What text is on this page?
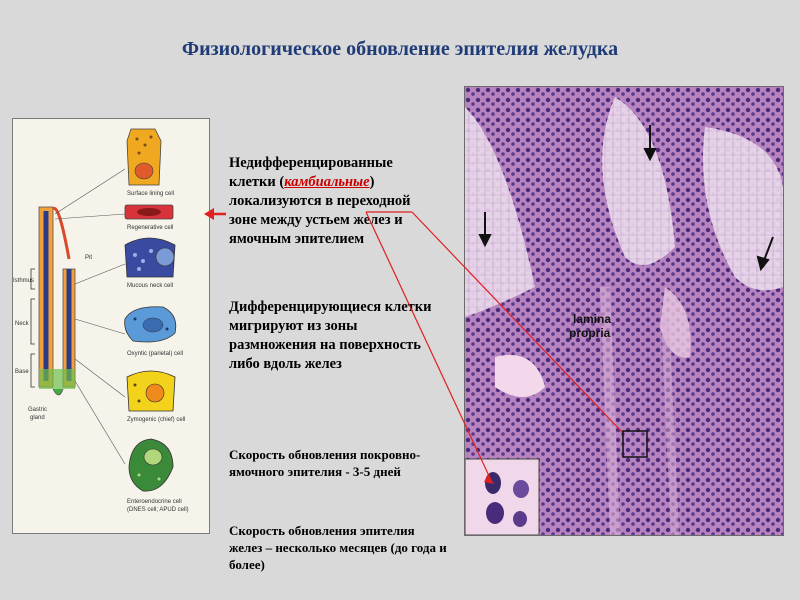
Физиологическое обновление эпителия желудка
Isthmus
Neck
Base
Pit
Gastric
gland
Surface lining cell
Regenerative cell
Mucous neck cell
Oxyntic (parietal) cell
Zymogenic (chief) cell
Enteroendocrine cell
(DNES cell; APUD cell)
Недифференцированные клетки (камбиальные) локализуются в переходной зоне между устьем желез и ямочным эпителием
Дифференцирующиеся клетки мигрируют из зоны размножения на поверхность либо вдоль желез
Скорость обновления покровно-ямочного эпителия - 3-5 дней
Скорость обновления эпителия желез – несколько месяцев (до года и более)
lamina
propria
